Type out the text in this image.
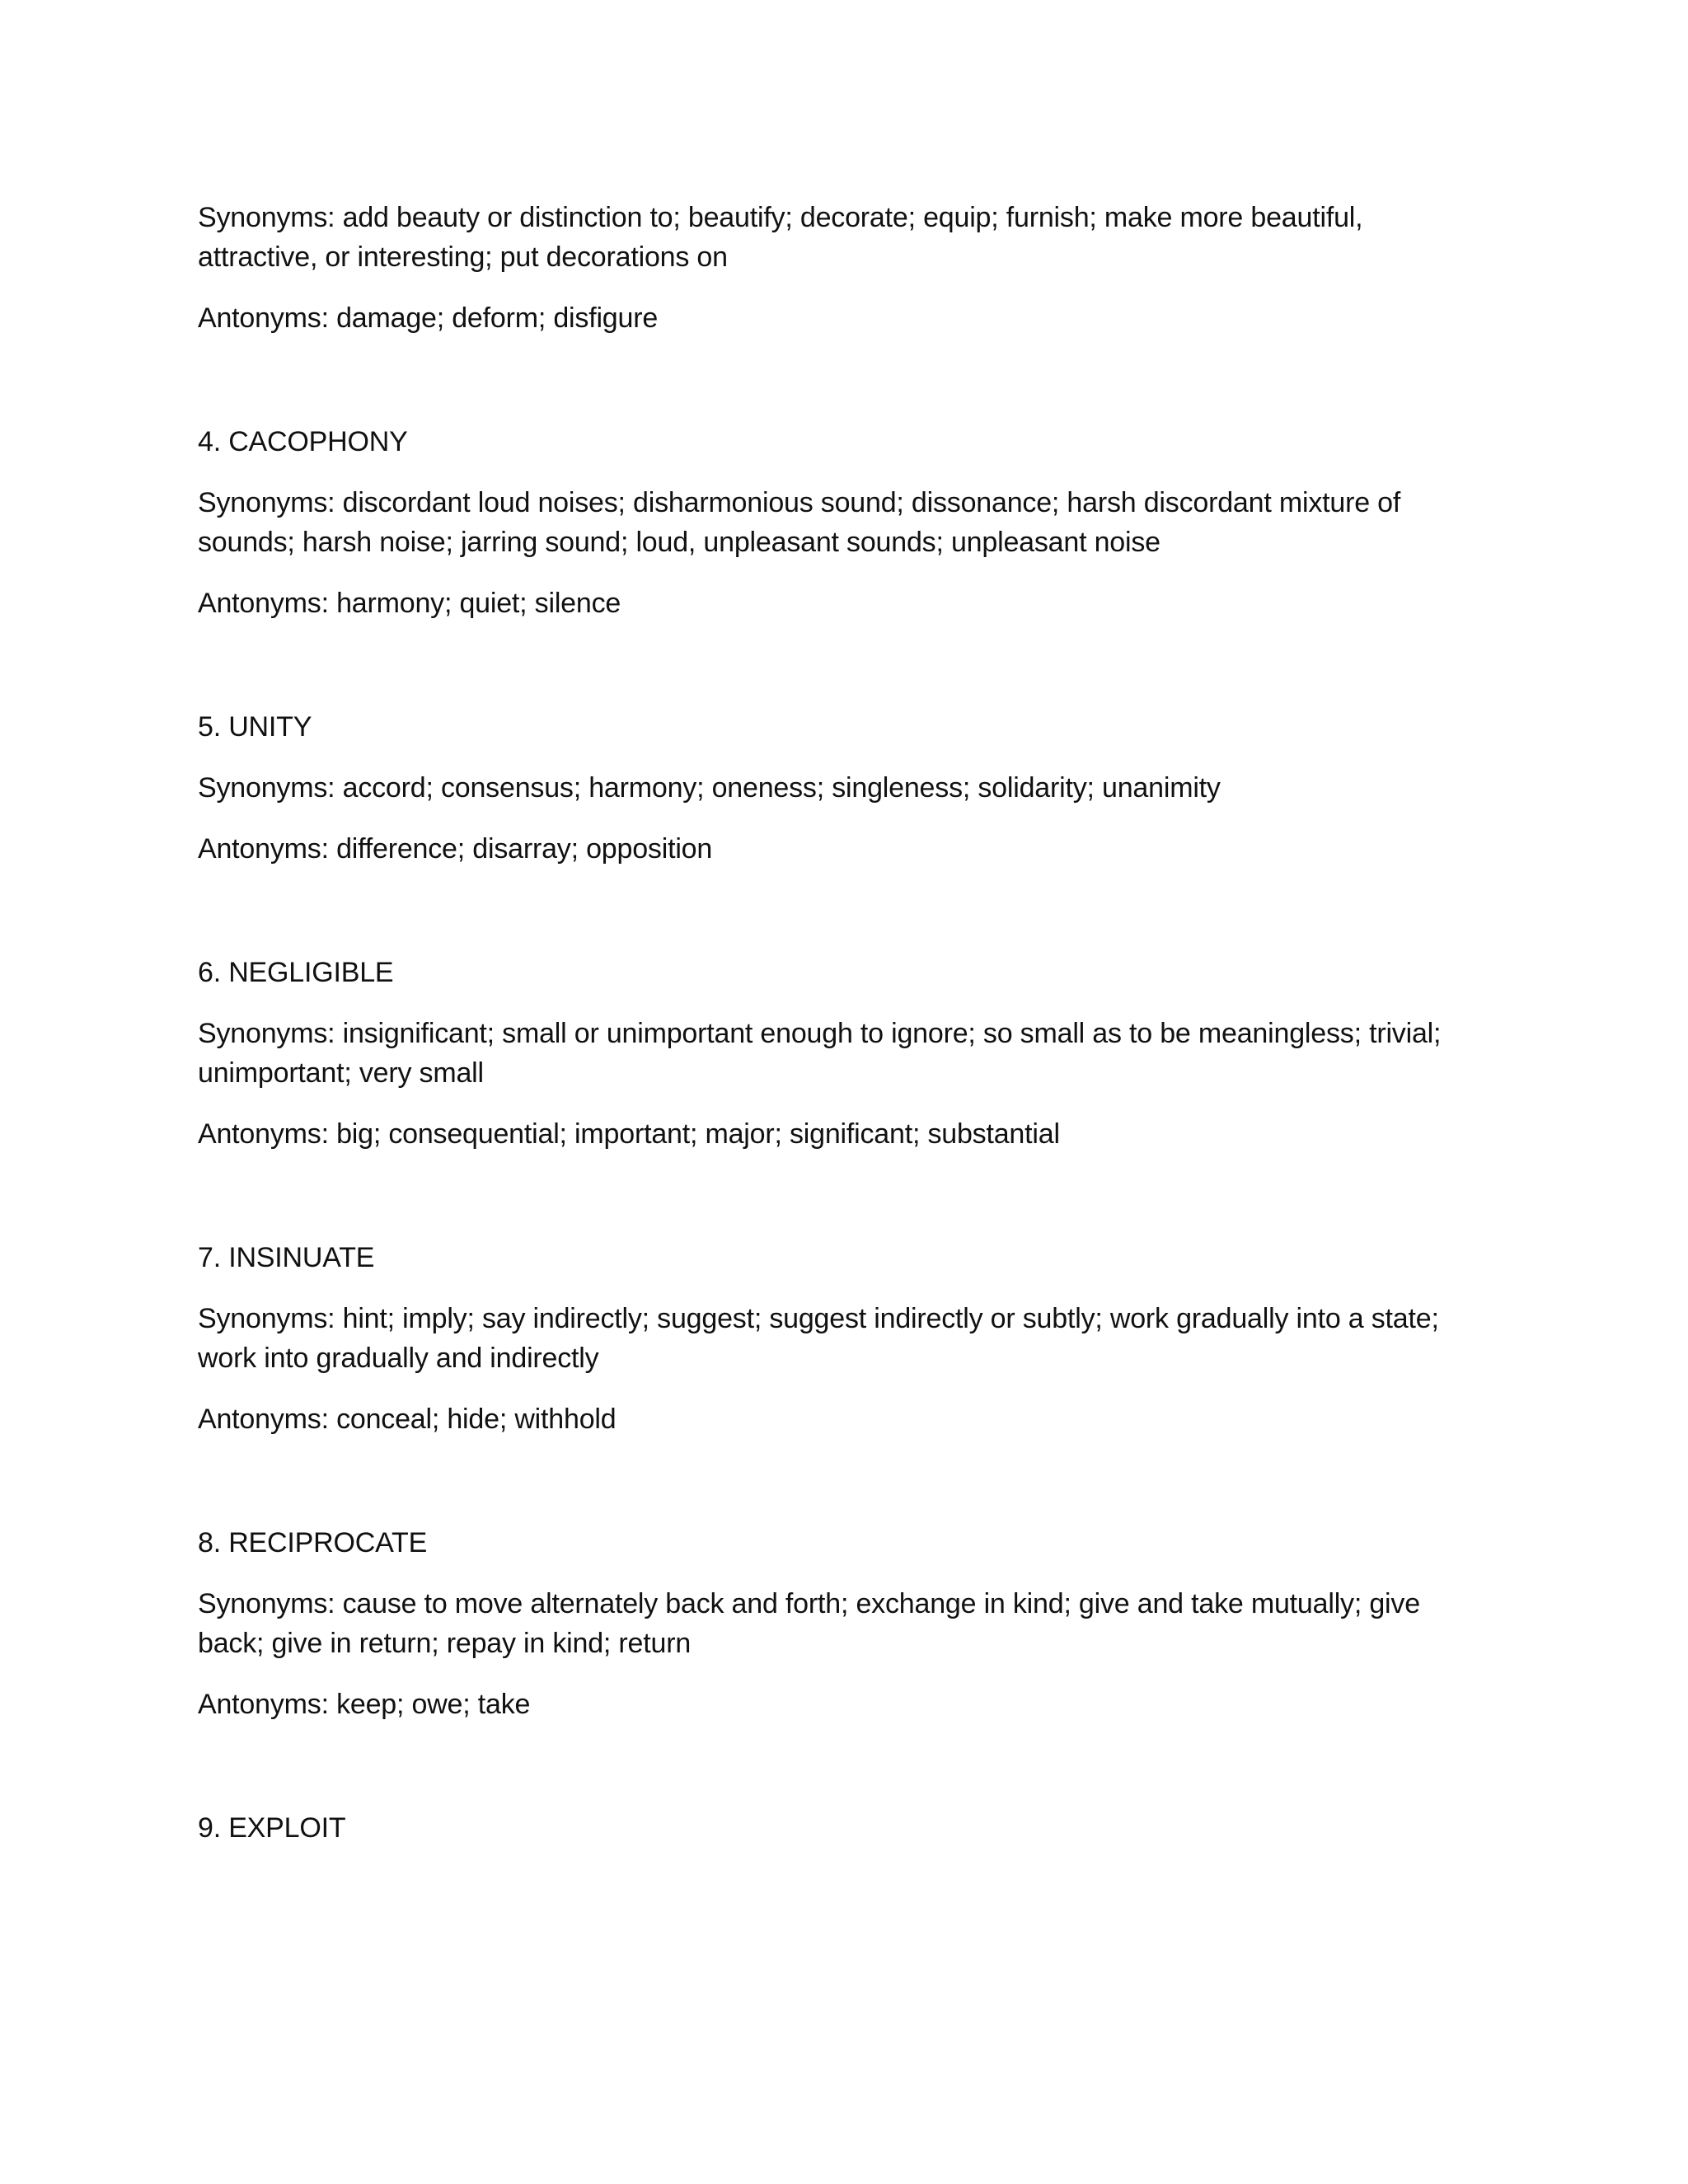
Synonyms: add beauty or distinction to; beautify; decorate; equip; furnish; make more beautiful, attractive, or interesting; put decorations on

Antonyms: damage; deform; disfigure

4. CACOPHONY

Synonyms: discordant loud noises; disharmonious sound; dissonance; harsh discordant mixture of sounds; harsh noise; jarring sound; loud, unpleasant sounds; unpleasant noise

Antonyms: harmony; quiet; silence

5. UNITY

Synonyms: accord; consensus; harmony; oneness; singleness; solidarity; unanimity

Antonyms: difference; disarray; opposition

6. NEGLIGIBLE

Synonyms: insignificant; small or unimportant enough to ignore; so small as to be meaningless; trivial; unimportant; very small

Antonyms: big; consequential; important; major; significant; substantial

7. INSINUATE

Synonyms: hint; imply; say indirectly; suggest; suggest indirectly or subtly; work gradually into a state; work into gradually and indirectly

Antonyms: conceal; hide; withhold

8. RECIPROCATE

Synonyms: cause to move alternately back and forth; exchange in kind; give and take mutually; give back; give in return; repay in kind; return

Antonyms: keep; owe; take

9. EXPLOIT
